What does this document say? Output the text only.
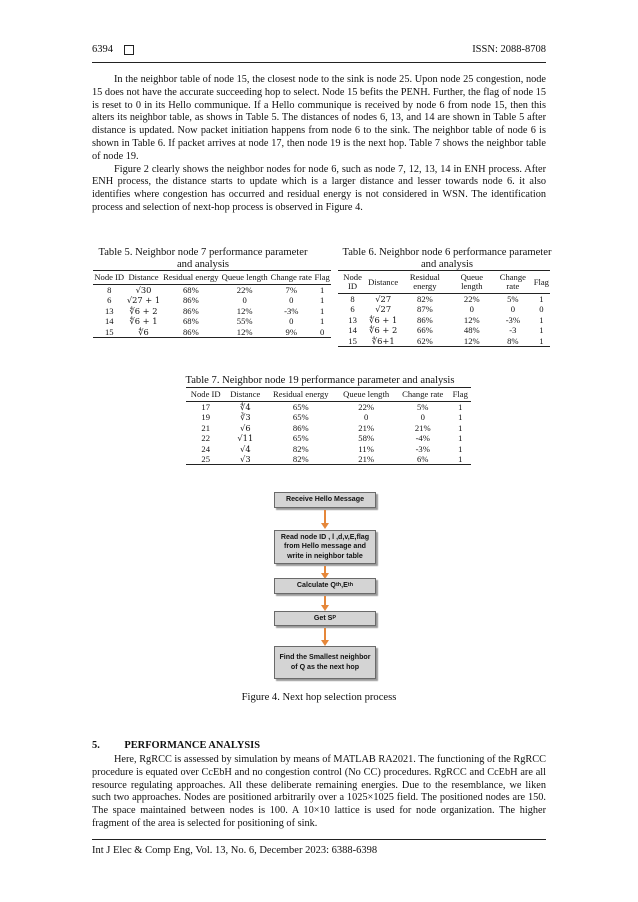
6394	ISSN: 2088-8708

In the neighbor table of node 15, the closest node to the sink is node 25. Upon node 25 congestion, node 15 does not have the accurate succeeding hop to select. Node 15 befits the PENH. Further, the flag of node 15 is reset to 0 in its Hello communique. If a Hello communique is received by node 6 from node 15, then this alters its neighbor table, as shows in Table 5. The distances of nodes 6, 13, and 14 are shown in Table 5 after distance is updated. Now packet initiation happens from node 6 to the sink. The neighbor table of node 6 is shown in Table 6. If packet arrives at node 17, then node 19 is the next hop. Table 7 shows the neighbor table of node 19.

Figure 2 clearly shows the neighbor nodes for node 6, such as node 7, 12, 13, 14 in ENH process. After ENH process, the distance starts to update which is a larger distance and lesser towards node 6. it also identifies where congestion has occurred and residual energy is not considered in WSN. The identification process and selection of next-hop process is observed in Figure 4.

Table 5. Neighbor node 7 performance parameter and analysis
Node ID	Distance	Residual energy	Queue length	Change rate	Flag
8	√30	68%	22%	7%	1
6	√27 + 1	86%	0	0	1
13	∜6 + 2	86%	12%	-3%	1
14	∜6 + 1	68%	55%	0	1
15	∜6	86%	12%	9%	0
Table 6. Neighbor node 6 performance parameter and analysis
Node ID	Distance	Residual energy	Queue length	Change rate	Flag
8	√27	82%	22%	5%	1
6	√27	87%	0	0	0
13	∜6 + 1	86%	12%	-3%	1
14	∜6 + 2	66%	48%	-3	1
15	∜6+1	62%	12%	8%	1
Table 7. Neighbor node 19 performance parameter and analysis
Node ID	Distance	Residual energy	Queue length	Change rate	Flag
17	∜4	65%	22%	5%	1
19	∛3	65%	0	0	1
21	√6	86%	21%	21%	1
22	√11	65%	58%	-4%	1
24	√4	82%	11%	-3%	1
25	√3	82%	21%	6%	1
Receive Hello Message
Read node ID , l ,d,v,E,flag from Hello message and write in neighbor table
Calculate Q th ,E th
Get S P
Find the Smallest neighbor of Q as the next hop
Figure 4. Next hop selection process
5. PERFORMANCE ANALYSIS

Here, RgRCC is assessed by simulation by means of MATLAB RA2021. The functioning of the RgRCC procedure is equated over CcEbH and no congestion control (No CC) procedures. RgRCC and CcEbH are all resource regulating approaches. All these deliberate remaining energies. Due to the resemblance, we liken such two approaches. Nodes are positioned arbitrarily over a 1025×1025 field. The positioned nodes are 150. The space maintained between nodes is 100. A 10×10 lattice is used for node organization. The higher fragment of the area is selected for positioning of sink.

Int J Elec & Comp Eng, Vol. 13, No. 6, December 2023: 6388-6398
